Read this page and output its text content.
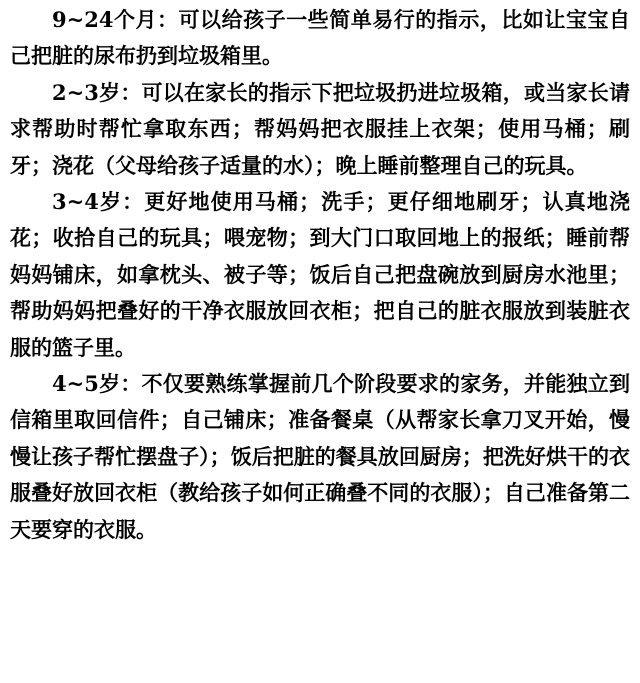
9~24个月：可以给孩子一些简单易行的指示，比如让宝宝自己把脏的尿布扔到垃圾箱里。

2~3岁：可以在家长的指示下把垃圾扔进垃圾箱，或当家长请求帮助时帮忙拿取东西；帮妈妈把衣服挂上衣架；使用马桶；刷牙；浇花（父母给孩子适量的水）；晚上睡前整理自己的玩具。

3~4岁：更好地使用马桶；洗手；更仔细地刷牙；认真地浇花；收拾自己的玩具；喂宠物；到大门口取回地上的报纸；睡前帮妈妈铺床，如拿枕头、被子等；饭后自己把盘碗放到厨房水池里；帮助妈妈把叠好的干净衣服放回衣柜；把自己的脏衣服放到装脏衣服的篮子里。

4~5岁：不仅要熟练掌握前几个阶段要求的家务，并能独立到信箱里取回信件；自己铺床；准备餐桌（从帮家长拿刀叉开始，慢慢让孩子帮忙摆盘子）；饭后把脏的餐具放回厨房；把洗好烘干的衣服叠好放回衣柜（教给孩子如何正确叠不同的衣服）；自己准备第二天要穿的衣服。
